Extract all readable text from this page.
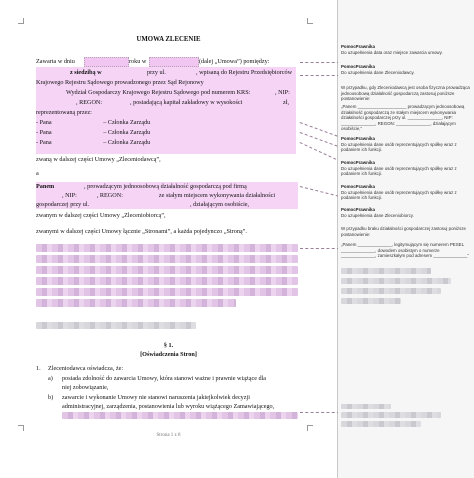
UMOWA ZLECENIE
Zawarta w dniu	roku w	(dalej „Umowa”) pomiędzy:
z siedzibą w	przy ul.	, wpisaną do Rejestru Przedsiębiorców
Krajowego Rejestru Sądowego prowadzonego przez Sąd Rejonowy
Wydział Gospodarczy Krajowego Rejestru Sądowego pod numerem KRS:	, NIP:
, REGON:	, posiadającą kapitał zakładowy w wysokości	zł,
reprezentowaną przez:
- Pana	– Członka Zarządu
- Pana	– Członka Zarządu
- Pana	– Członka Zarządu
zwaną w dalszej części Umowy „Zleceniodawcą”,
a
Panem	, prowadzącym jednoosobową działalność gospodarczą pod firmą
, NIP:	, REGON:	ze stałym miejscem wykonywania działalności
gospodarczej przy ul.	, działającym osobiście,
zwanym w dalszej części Umowy „Zleceniobiorcą”,
zwanymi w dalszej części Umowy łącznie „Stronami”, a każda pojedynczo „Stroną”.
§ 1.
[Oświadczenia Stron]
1. Zleceniodawca oświadcza, że:
a) posiada zdolność do zawarcia Umowy, która stanowi ważne i prawnie wiążące dla
niej zobowiązanie,
b) zawarcie i wykonanie Umowy nie stanowi naruszenia jakiejkolwiek decyzji
administracyjnej, zarządzenia, postanowienia lub wyroku wiążącego Zamawiającego,
Strona 1 z 8
PomocPrawnika
Do uzupełnienia data oraz miejsce zawarcia umowy.
PomocPrawnika
Do uzupełnienia dane Zleceniodawcy.
W przypadku, gdy Zleceniodawcą jest osoba fizyczna prowadząca jednoosobową działalność gospodarczą zastosuj poniższe postanowienie:
„Panem ____________________ prowadzącym jednoosobową działalność gospodarczą ze stałym miejscem wykonywania działalności gospodarczej przy ul. ______________, NIP: ______________, REGON: ______________, działającym osobiście,”
PomocPrawnika
Do uzupełnienia dane osób reprezentujących spółkę wraz z podaniem ich funkcji.
PomocPrawnika
Do uzupełnienia dane osób reprezentujących spółkę wraz z podaniem ich funkcji.
PomocPrawnika
Do uzupełnienia dane osób reprezentujących spółkę wraz z podaniem ich funkcji.
PomocPrawnika
Do uzupełnienia dane Zleceniobiorcy.
W przypadku braku działalności gospodarczej zastosuj poniższe postanowienie:
„Panem ______________, legitymującym się numerem PESEL ______________, dowodem osobistym o numerze ______________, zamieszkałym pod adresem ______________”
